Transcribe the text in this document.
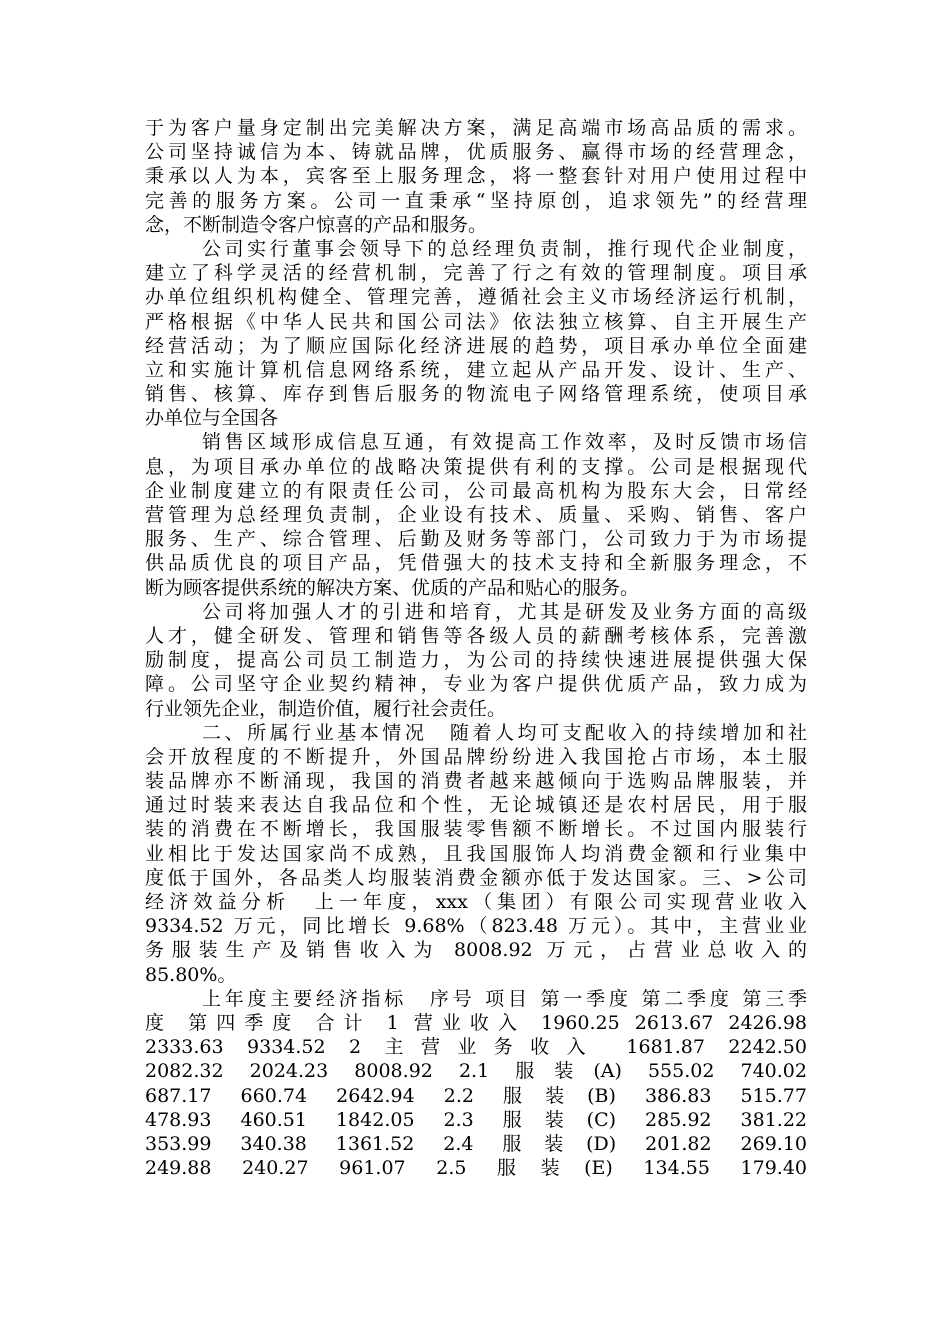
于为客户量身定制出完美解决方案，满足高端市场高品质的需求。
公司坚持诚信为本、铸就品牌，优质服务、赢得市场的经营理念，
秉承以人为本，宾客至上服务理念，将一整套针对用户使用过程中
完善的服务方案。公司一直秉承“坚持原创，追求领先”的经营理
念，不断制造令客户惊喜的产品和服务。
公司实行董事会领导下的总经理负责制，推行现代企业制度，
建立了科学灵活的经营机制，完善了行之有效的管理制度。项目承
办单位组织机构健全、管理完善，遵循社会主义市场经济运行机制，
严格根据《中华人民共和国公司法》依法独立核算、自主开展生产
经营活动；为了顺应国际化经济进展的趋势，项目承办单位全面建
立和实施计算机信息网络系统，建立起从产品开发、设计、生产、
销售、核算、库存到售后服务的物流电子网络管理系统，使项目承
办单位与全国各
销售区域形成信息互通，有效提高工作效率，及时反馈市场信
息，为项目承办单位的战略决策提供有利的支撑。公司是根据现代
企业制度建立的有限责任公司，公司最高机构为股东大会，日常经
营管理为总经理负责制，企业设有技术、质量、采购、销售、客户
服务、生产、综合管理、后勤及财务等部门，公司致力于为市场提
供品质优良的项目产品，凭借强大的技术支持和全新服务理念，不
断为顾客提供系统的解决方案、优质的产品和贴心的服务。
公司将加强人才的引进和培育，尤其是研发及业务方面的高级
人才，健全研发、管理和销售等各级人员的薪酬考核体系，完善激
励制度，提高公司员工制造力，为公司的持续快速进展提供强大保
障。公司坚守企业契约精神，专业为客户提供优质产品，致力成为
行业领先企业，制造价值，履行社会责任。
二、所属行业基本情况　随着人均可支配收入的持续增加和社
会开放程度的不断提升，外国品牌纷纷进入我国抢占市场，本土服
装品牌亦不断涌现，我国的消费者越来越倾向于选购品牌服装，并
通过时装来表达自我品位和个性，无论城镇还是农村居民，用于服
装的消费在不断增长，我国服装零售额不断增长。不过国内服装行
业相比于发达国家尚不成熟，且我国服饰人均消费金额和行业集中
度低于国外，各品类人均服装消费金额亦低于发达国家。三、>公司
经济效益分析　上一年度，xxx（集团）有限公司实现营业收入
9334.52 万元，同比增长 9.68%（823.48 万元）。其中，主营业业
务服装生产及销售收入为 8008.92 万元，占营业总收入的
85.80%。
上年度主要经济指标　序号 项目 第一季度 第二季度 第三季
度 第四季度 合计 1 营业收入 1960.25 2613.67 2426.98
2333.63 9334.52 2 主营业务收入 1681.87 2242.50
2082.32 2024.23 8008.92 2.1 服装(A) 555.02 740.02
687.17 660.74 2642.94 2.2 服装(B) 386.83 515.77
478.93 460.51 1842.05 2.3 服装(C) 285.92 381.22
353.99 340.38 1361.52 2.4 服装(D) 201.82 269.10
249.88 240.27 961.07 2.5 服装(E) 134.55 179.40
